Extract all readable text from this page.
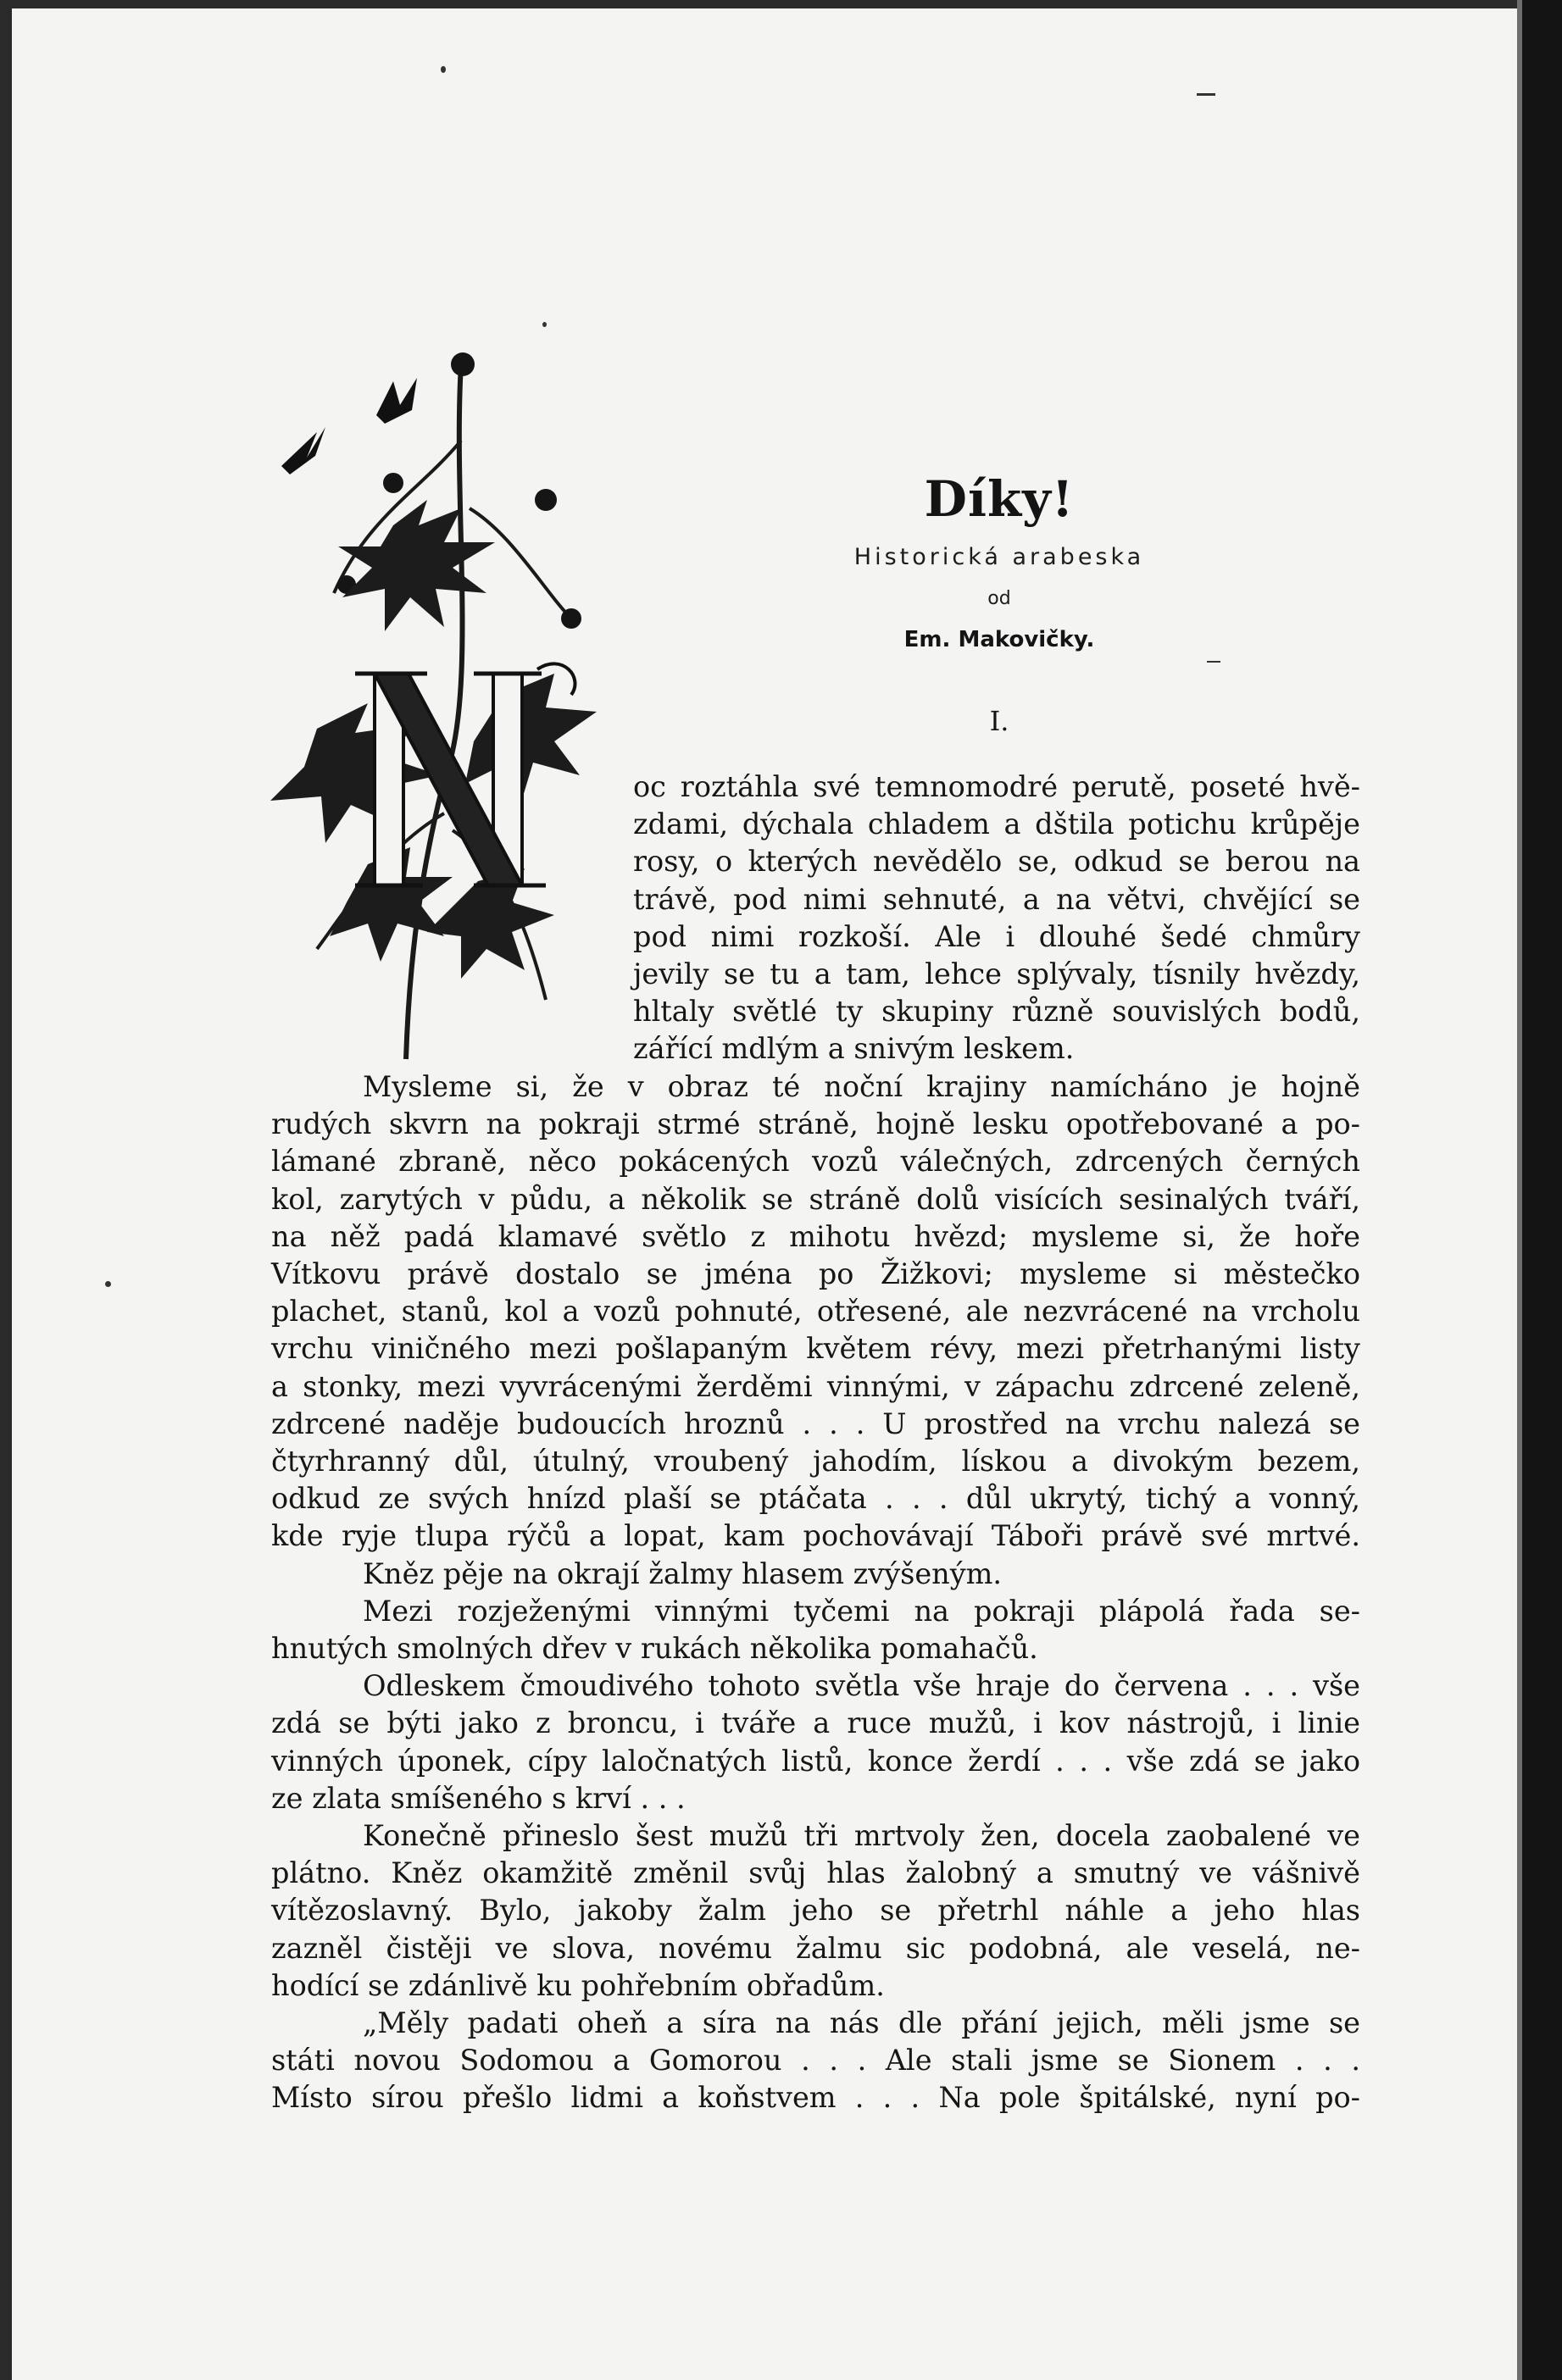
Díky!
Historická arabeska
od
Em. Makovičky.
I.
oc roztáhla své temnomodré perutě, poseté hvě-
zdami, dýchala chladem a dštila potichu krůpěje
rosy, o kterých nevědělo se, odkud se berou na
trávě, pod nimi sehnuté, a na větvi, chvějící se
pod nimi rozkoší. Ale i dlouhé šedé chmůry
jevily se tu a tam, lehce splývaly, tísnily hvězdy,
hltaly světlé ty skupiny různě souvislých bodů,
zářící mdlým a snivým leskem.
Mysleme si, že v obraz té noční krajiny namícháno je hojně
rudých skvrn na pokraji strmé stráně, hojně lesku opotřebované a po-
lámané zbraně, něco pokácených vozů válečných, zdrcených černých
kol, zarytých v půdu, a několik se stráně dolů visících sesinalých tváří,
na něž padá klamavé světlo z mihotu hvězd; mysleme si, že hoře
Vítkovu právě dostalo se jména po Žižkovi; mysleme si městečko
plachet, stanů, kol a vozů pohnuté, otřesené, ale nezvrácené na vrcholu
vrchu viničného mezi pošlapaným květem révy, mezi přetrhanými listy
a stonky, mezi vyvrácenými žerděmi vinnými, v zápachu zdrcené zeleně,
zdrcené naděje budoucích hroznů . . . U prostřed na vrchu nalezá se
čtyrhranný důl, útulný, vroubený jahodím, lískou a divokým bezem,
odkud ze svých hnízd plaší se ptáčata . . . důl ukrytý, tichý a vonný,
kde ryje tlupa rýčů a lopat, kam pochovávají Táboři právě své mrtvé.
Kněz pěje na okrají žalmy hlasem zvýšeným.
Mezi rozježenými vinnými tyčemi na pokraji plápolá řada se-
hnutých smolných dřev v rukách několika pomahačů.
Odleskem čmoudivého tohoto světla vše hraje do červena . . . vše
zdá se býti jako z broncu, i tváře a ruce mužů, i kov nástrojů, i linie
vinných úponek, cípy laločnatých listů, konce žerdí . . . vše zdá se jako
ze zlata smíšeného s krví . . .
Konečně přineslo šest mužů tři mrtvoly žen, docela zaobalené ve
plátno. Kněz okamžitě změnil svůj hlas žalobný a smutný ve vášnivě
vítězoslavný. Bylo, jakoby žalm jeho se přetrhl náhle a jeho hlas
zazněl čistěji ve slova, novému žalmu sic podobná, ale veselá, ne-
hodící se zdánlivě ku pohřebním obřadům.
„Měly padati oheň a síra na nás dle přání jejich, měli jsme se
státi novou Sodomou a Gomorou . . . Ale stali jsme se Sionem . . .
Místo sírou přešlo lidmi a koňstvem . . . Na pole špitálské, nyní po-
